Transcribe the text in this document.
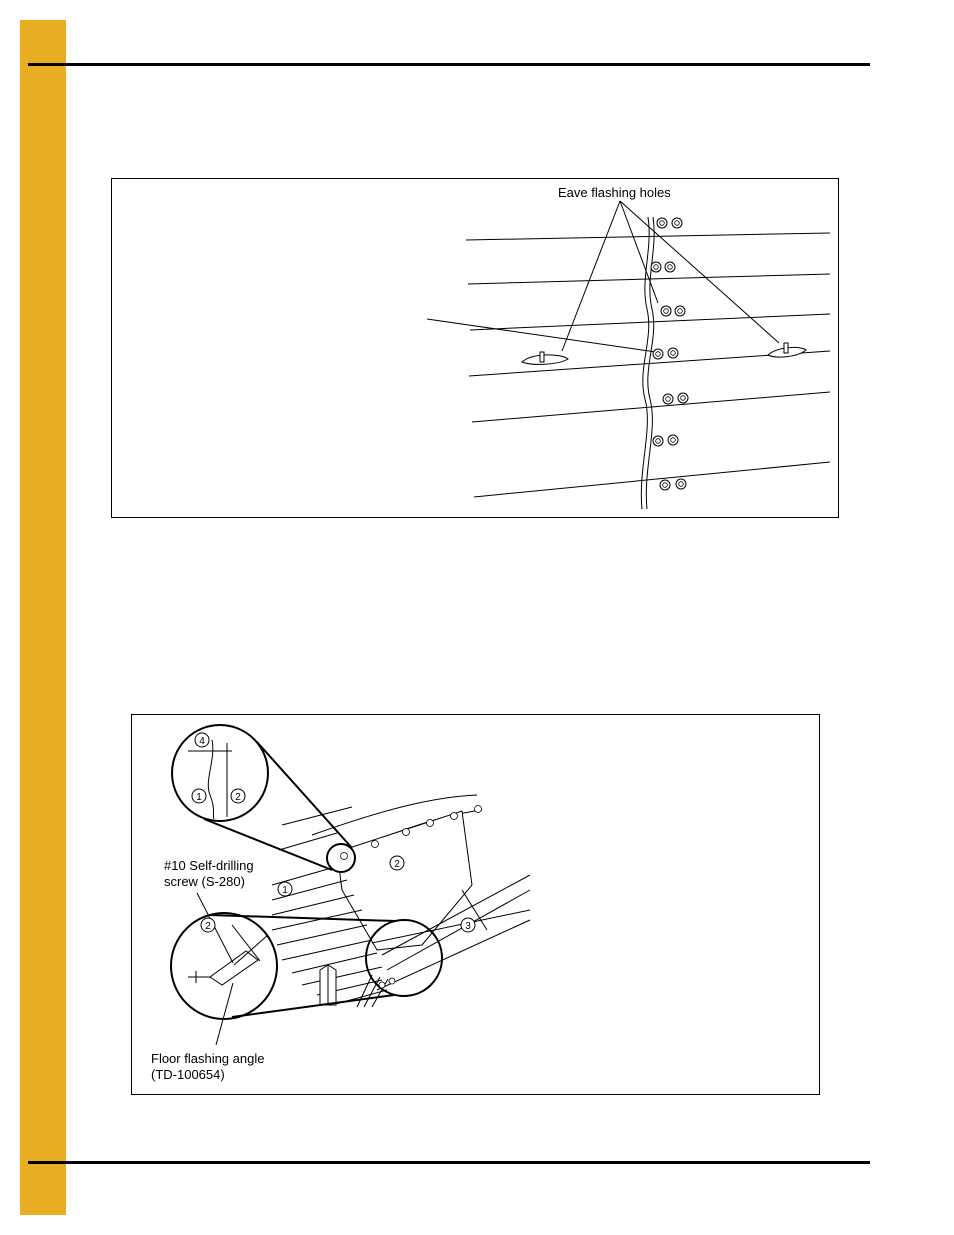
Eave flashing holes
4
1	2
2
1
3
2
#10 Self-drilling
screw (S-280)
Floor flashing angle
(TD-100654)
